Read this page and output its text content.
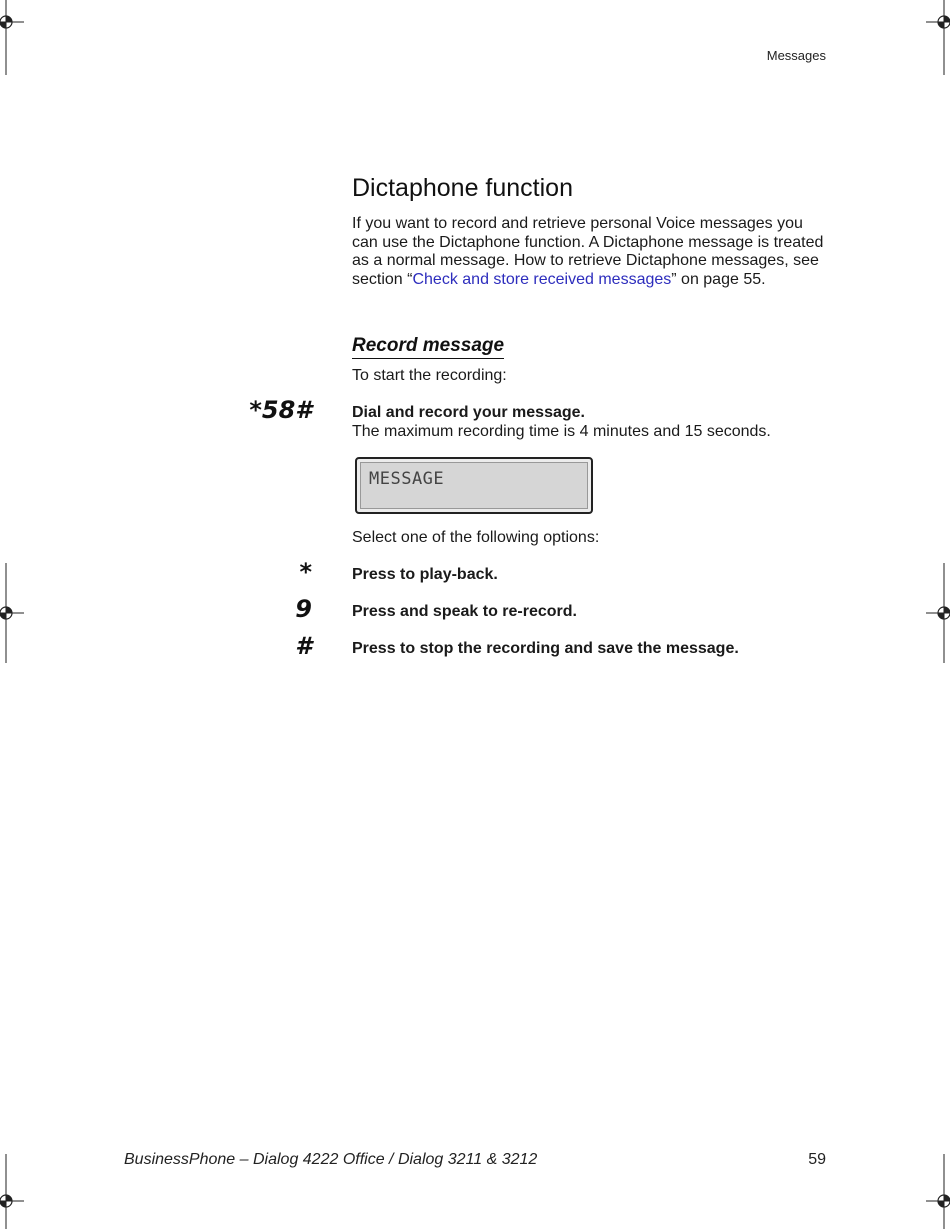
Messages
Dictaphone function
If you want to record and retrieve personal Voice messages you can use the Dictaphone function. A Dictaphone message is treated as a normal message. How to retrieve Dictaphone messages, see section “Check and store received messages” on page 55.
Record message
To start the recording:
*58#	Dial and record your message.
The maximum recording time is 4 minutes and 15 seconds.
MESSAGE
Select one of the following options:
*	Press to play-back.
9	Press and speak to re-record.
#	Press to stop the recording and save the message.
BusinessPhone – Dialog 4222 Office / Dialog 3211 & 3212	59
